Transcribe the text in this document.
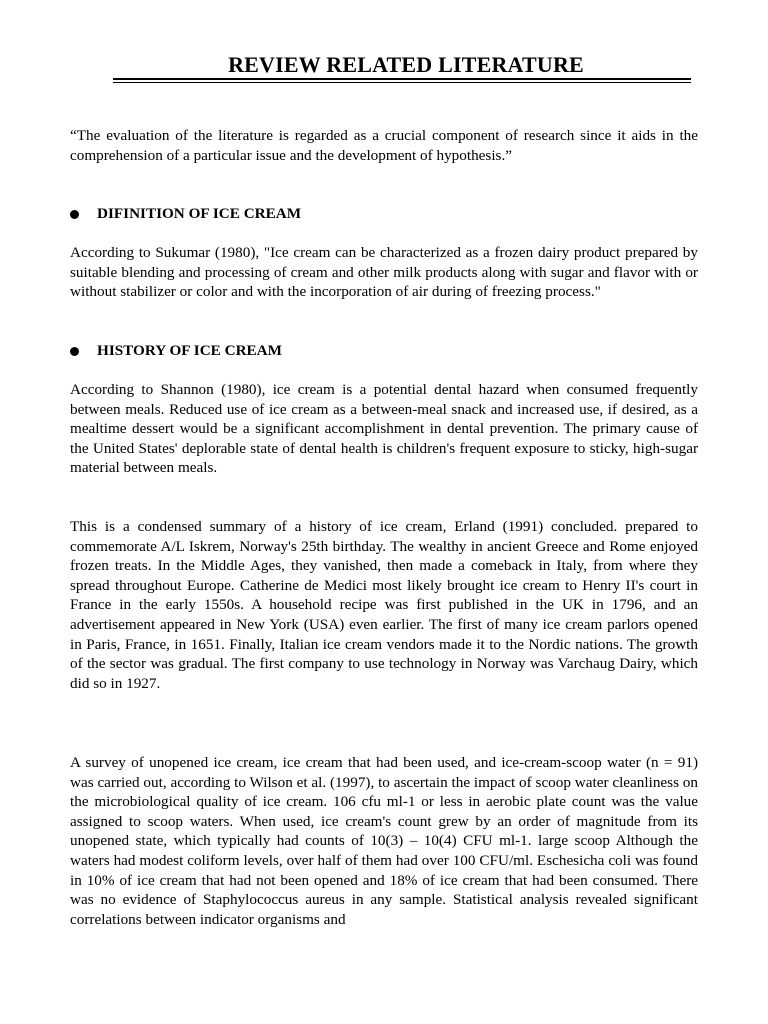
REVIEW RELATED LITERATURE

“The evaluation of the literature is regarded as a crucial component of research since it aids in the comprehension of a particular issue and the development of hypothesis.”

DIFINITION OF ICE CREAM

According to Sukumar (1980), "Ice cream can be characterized as a frozen dairy product prepared by suitable blending and processing of cream and other milk products along with sugar and flavor with or without stabilizer or color and with the incorporation of air during of freezing process."

HISTORY OF ICE CREAM

According to Shannon (1980), ice cream is a potential dental hazard when consumed frequently between meals. Reduced use of ice cream as a between-meal snack and increased use, if desired, as a mealtime dessert would be a significant accomplishment in dental prevention. The primary cause of the United States' deplorable state of dental health is children's frequent exposure to sticky, high-sugar material between meals.

This is a condensed summary of a history of ice cream, Erland (1991) concluded. prepared to commemorate A/L Iskrem, Norway's 25th birthday. The wealthy in ancient Greece and Rome enjoyed frozen treats. In the Middle Ages, they vanished, then made a comeback in Italy, from where they spread throughout Europe. Catherine de Medici most likely brought ice cream to Henry II's court in France in the early 1550s. A household recipe was first published in the UK in 1796, and an advertisement appeared in New York (USA) even earlier. The first of many ice cream parlors opened in Paris, France, in 1651. Finally, Italian ice cream vendors made it to the Nordic nations. The growth of the sector was gradual. The first company to use technology in Norway was Varchaug Dairy, which did so in 1927.

A survey of unopened ice cream, ice cream that had been used, and ice-cream-scoop water (n = 91) was carried out, according to Wilson et al. (1997), to ascertain the impact of scoop water cleanliness on the microbiological quality of ice cream. 106 cfu ml-1 or less in aerobic plate count was the value assigned to scoop waters. When used, ice cream's count grew by an order of magnitude from its unopened state, which typically had counts of 10(3) – 10(4) CFU ml-1. large scoop Although the waters had modest coliform levels, over half of them had over 100 CFU/ml. Eschesicha coli was found in 10% of ice cream that had not been opened and 18% of ice cream that had been consumed. There was no evidence of Staphylococcus aureus in any sample. Statistical analysis revealed significant correlations between indicator organisms and
